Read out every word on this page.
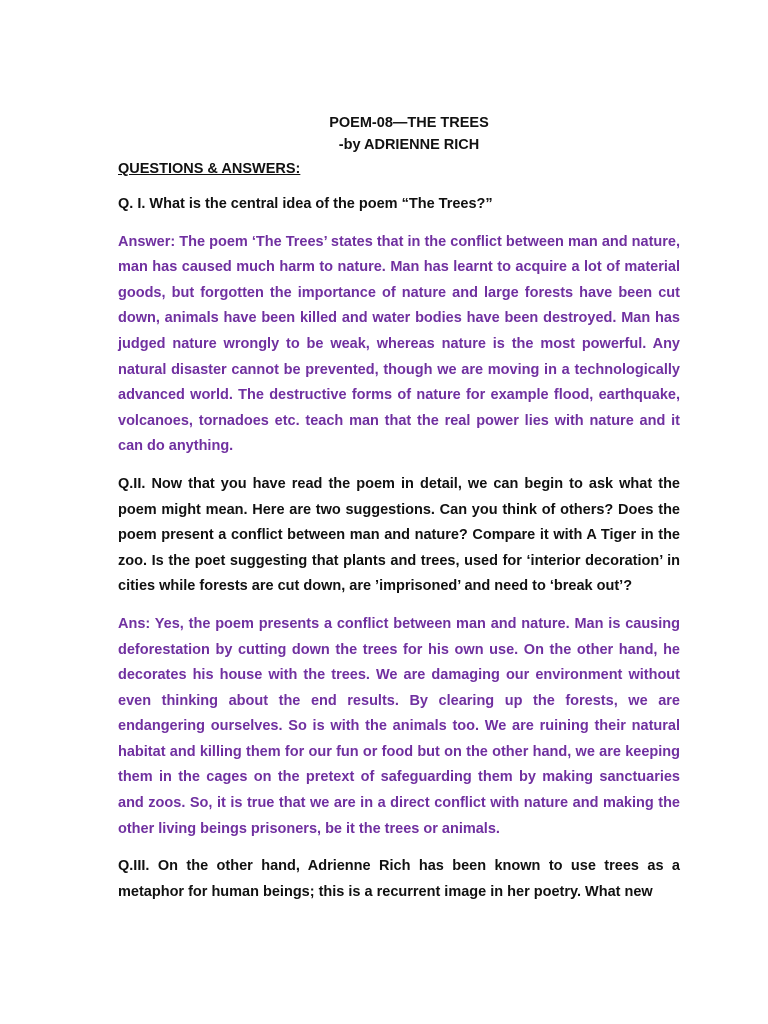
POEM-08—THE TREES
-by ADRIENNE RICH
QUESTIONS & ANSWERS:

Q. I. What is the central idea of the poem “The Trees?”

Answer: The poem ‘The Trees’ states that in the conflict between man and nature, man has caused much harm to nature. Man has learnt to acquire a lot of material goods, but forgotten the importance of nature and large forests have been cut down, animals have been killed and water bodies have been destroyed. Man has judged nature wrongly to be weak, whereas nature is the most powerful. Any natural disaster cannot be prevented, though we are moving in a technologically advanced world. The destructive forms of nature for example flood, earthquake, volcanoes, tornadoes etc. teach man that the real power lies with nature and it can do anything.

Q.II. Now that you have read the poem in detail, we can begin to ask what the poem might mean. Here are two suggestions. Can you think of others? Does the poem present a conflict between man and nature? Compare it with A Tiger in the zoo. Is the poet suggesting that plants and trees, used for ‘interior decoration’ in cities while forests are cut down, are ’imprisoned’ and need to ‘break out’?

Ans: Yes, the poem presents a conflict between man and nature. Man is causing deforestation by cutting down the trees for his own use. On the other hand, he decorates his house with the trees. We are damaging our environment without even thinking about the end results. By clearing up the forests, we are endangering ourselves. So is with the animals too. We are ruining their natural habitat and killing them for our fun or food but on the other hand, we are keeping them in the cages on the pretext of safeguarding them by making sanctuaries and zoos. So, it is true that we are in a direct conflict with nature and making the other living beings prisoners, be it the trees or animals.

Q.III. On the other hand, Adrienne Rich has been known to use trees as a metaphor for human beings; this is a recurrent image in her poetry. What new
